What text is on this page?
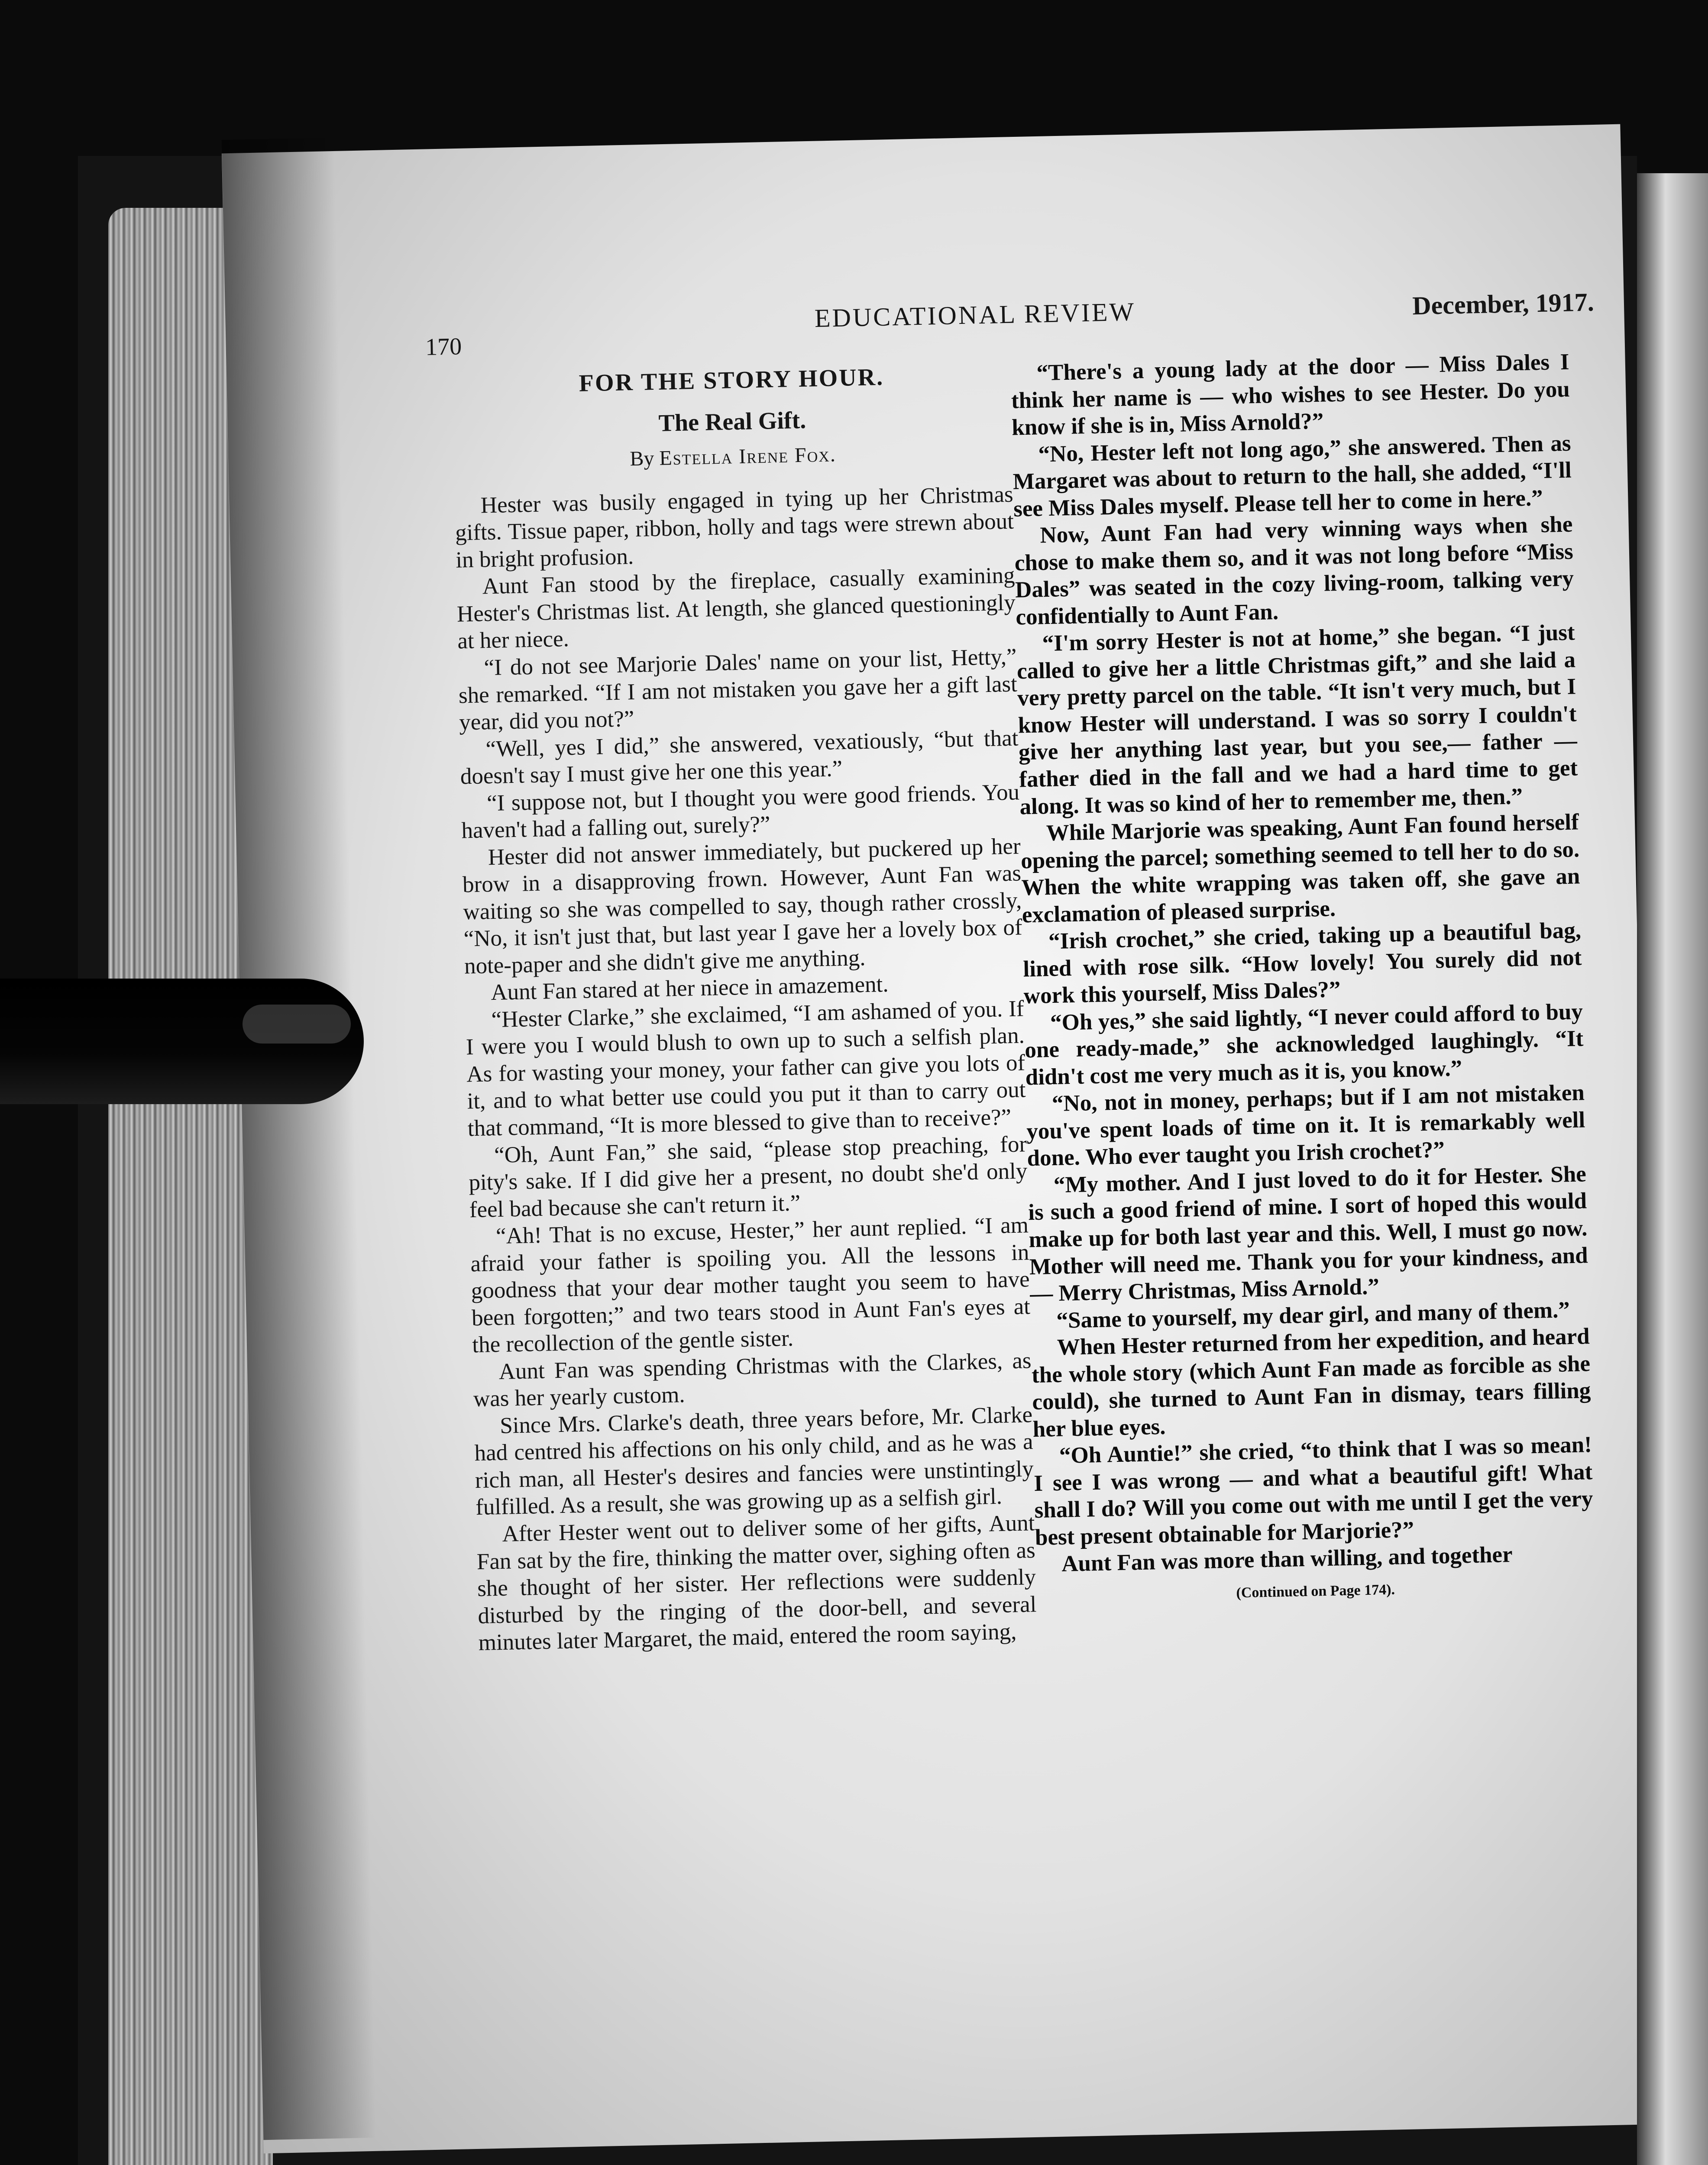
170
EDUCATIONAL REVIEW	December, 1917.
FOR THE STORY HOUR.
The Real Gift.
By Estella Irene Fox.

Hester was busily engaged in tying up her Christmas gifts. Tissue paper, ribbon, holly and tags were strewn about in bright profusion.

Aunt Fan stood by the fireplace, casually examining Hester's Christmas list. At length, she glanced questioningly at her niece.

“I do not see Marjorie Dales' name on your list, Hetty,” she remarked. “If I am not mistaken you gave her a gift last year, did you not?”

“Well, yes I did,” she answered, vexatiously, “but that doesn't say I must give her one this year.”

“I suppose not, but I thought you were good friends. You haven't had a falling out, surely?”

Hester did not answer immediately, but puckered up her brow in a disapproving frown. However, Aunt Fan was waiting so she was compelled to say, though rather crossly, “No, it isn't just that, but last year I gave her a lovely box of note-paper and she didn't give me anything.

Aunt Fan stared at her niece in amazement.

“Hester Clarke,” she exclaimed, “I am ashamed of you. If I were you I would blush to own up to such a selfish plan. As for wasting your money, your father can give you lots of it, and to what better use could you put it than to carry out that command, “It is more blessed to give than to receive?”

“Oh, Aunt Fan,” she said, “please stop preaching, for pity's sake. If I did give her a present, no doubt she'd only feel bad because she can't return it.”

“Ah! That is no excuse, Hester,” her aunt replied. “I am afraid your father is spoiling you. All the lessons in goodness that your dear mother taught you seem to have been forgotten;” and two tears stood in Aunt Fan's eyes at the recollection of the gentle sister.

Aunt Fan was spending Christmas with the Clarkes, as was her yearly custom.

Since Mrs. Clarke's death, three years before, Mr. Clarke had centred his affections on his only child, and as he was a rich man, all Hester's desires and fancies were unstintingly fulfilled. As a result, she was growing up as a selfish girl.

After Hester went out to deliver some of her gifts, Aunt Fan sat by the fire, thinking the matter over, sighing often as she thought of her sister. Her reflections were suddenly disturbed by the ringing of the door-bell, and several minutes later Margaret, the maid, entered the room saying,

“There's a young lady at the door — Miss Dales I think her name is — who wishes to see Hester. Do you know if she is in, Miss Arnold?”

“No, Hester left not long ago,” she answered. Then as Margaret was about to return to the hall, she added, “I'll see Miss Dales myself. Please tell her to come in here.”

Now, Aunt Fan had very winning ways when she chose to make them so, and it was not long before “Miss Dales” was seated in the cozy living-room, talking very confidentially to Aunt Fan.

“I'm sorry Hester is not at home,” she began. “I just called to give her a little Christmas gift,” and she laid a very pretty parcel on the table. “It isn't very much, but I know Hester will understand. I was so sorry I couldn't give her anything last year, but you see,— father — father died in the fall and we had a hard time to get along. It was so kind of her to remember me, then.”

While Marjorie was speaking, Aunt Fan found herself opening the parcel; something seemed to tell her to do so. When the white wrapping was taken off, she gave an exclamation of pleased surprise.

“Irish crochet,” she cried, taking up a beautiful bag, lined with rose silk. “How lovely! You surely did not work this yourself, Miss Dales?”

“Oh yes,” she said lightly, “I never could afford to buy one ready-made,” she acknowledged laughingly. “It didn't cost me very much as it is, you know.”

“No, not in money, perhaps; but if I am not mistaken you've spent loads of time on it. It is remarkably well done. Who ever taught you Irish crochet?”

“My mother. And I just loved to do it for Hester. She is such a good friend of mine. I sort of hoped this would make up for both last year and this. Well, I must go now. Mother will need me. Thank you for your kindness, and — Merry Christmas, Miss Arnold.”

“Same to yourself, my dear girl, and many of them.”

When Hester returned from her expedition, and heard the whole story (which Aunt Fan made as forcible as she could), she turned to Aunt Fan in dismay, tears filling her blue eyes.

“Oh Auntie!” she cried, “to think that I was so mean! I see I was wrong — and what a beautiful gift! What shall I do? Will you come out with me until I get the very best present obtainable for Marjorie?”

Aunt Fan was more than willing, and together

(Continued on Page 174).
